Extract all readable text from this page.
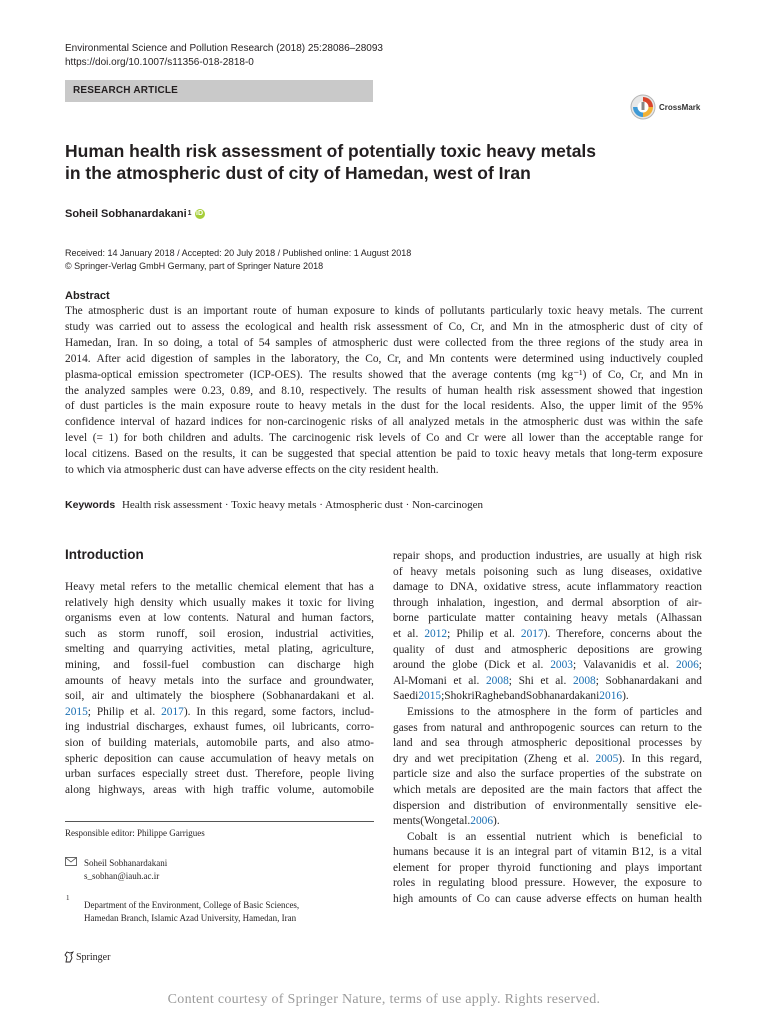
Environmental Science and Pollution Research (2018) 25:28086–28093
https://doi.org/10.1007/s11356-018-2818-0
RESEARCH ARTICLE
CrossMark
Human health risk assessment of potentially toxic heavy metals
in the atmospheric dust of city of Hamedan, west of Iran
Soheil Sobhanardakani 1 iD
Received: 14 January 2018 / Accepted: 20 July 2018 / Published online: 1 August 2018
© Springer-Verlag GmbH Germany, part of Springer Nature 2018
Abstract
The atmospheric dust is an important route of human exposure to kinds of pollutants particularly toxic heavy metals. The current
study was carried out to assess the ecological and health risk assessment of Co, Cr, and Mn in the atmospheric dust of city of
Hamedan, Iran. In so doing, a total of 54 samples of atmospheric dust were collected from the three regions of the study area in
2014. After acid digestion of samples in the laboratory, the Co, Cr, and Mn contents were determined using inductively coupled
plasma-optical emission spectrometer (ICP-OES). The results showed that the average contents (mg kg⁻¹) of Co, Cr, and Mn in
the analyzed samples were 0.23, 0.89, and 8.10, respectively. The results of human health risk assessment showed that ingestion
of dust particles is the main exposure route to heavy metals in the dust for the local residents. Also, the upper limit of the 95%
confidence interval of hazard indices for non-carcinogenic risks of all analyzed metals in the atmospheric dust was within the safe
level (= 1) for both children and adults. The carcinogenic risk levels of Co and Cr were all lower than the acceptable range for
local citizens. Based on the results, it can be suggested that special attention be paid to toxic heavy metals that long-term exposure
to which via atmospheric dust can have adverse effects on the city resident health.
Keywords Health risk assessment · Toxic heavy metals · Atmospheric dust · Non-carcinogen
Introduction
Heavy metal refers to the metallic chemical element that has a
relatively high density which usually makes it toxic for living
organisms even at low contents. Natural and human factors,
such as storm runoff, soil erosion, industrial activities,
smelting and quarrying activities, metal plating, agriculture,
mining, and fossil-fuel combustion can discharge high
amounts of heavy metals into the surface and groundwater,
soil, air and ultimately the biosphere (Sobhanardakani et al.
2015; Philip et al. 2017). In this regard, some factors, includ-
ing industrial discharges, exhaust fumes, oil lubricants, corro-
sion of building materials, automobile parts, and also atmo-
spheric deposition can cause accumulation of heavy metals on
urban surfaces especially street dust. Therefore, people living
along highways, areas with high traffic volume, automobile
repair shops, and production industries, are usually at high risk
of heavy metals poisoning such as lung diseases, oxidative
damage to DNA, oxidative stress, acute inflammatory reaction
through inhalation, ingestion, and dermal absorption of air-
borne particulate matter containing heavy metals (Alhassan
et al. 2012; Philip et al. 2017). Therefore, concerns about the
quality of dust and atmospheric depositions are growing
around the globe (Dick et al. 2003; Valavanidis et al. 2006;
Al-Momani et al. 2008; Shi et al. 2008; Sobhanardakani and
Saedi 2015; Shokri Ragheb and Sobhanardakani 2016).
Emissions to the atmosphere in the form of particles and
gases from natural and anthropogenic sources can return to the
land and sea through atmospheric depositional processes by
dry and wet precipitation (Zheng et al. 2005). In this regard,
particle size and also the surface properties of the substrate on
which metals are deposited are the main factors that affect the
dispersion and distribution of environmentally sensitive ele-
ments (Wong et al. 2006).
Cobalt is an essential nutrient which is beneficial to
humans because it is an integral part of vitamin B12, is a vital
element for proper thyroid functioning and plays important
roles in regulating blood pressure. However, the exposure to
high amounts of Co can cause adverse effects on human health
Responsible editor: Philippe Garrigues
Soheil Sobhanardakani
s_sobhan@iauh.ac.ir
1
Department of the Environment, College of Basic Sciences,
Hamedan Branch, Islamic Azad University, Hamedan, Iran
Springer
Content courtesy of Springer Nature, terms of use apply. Rights reserved.
